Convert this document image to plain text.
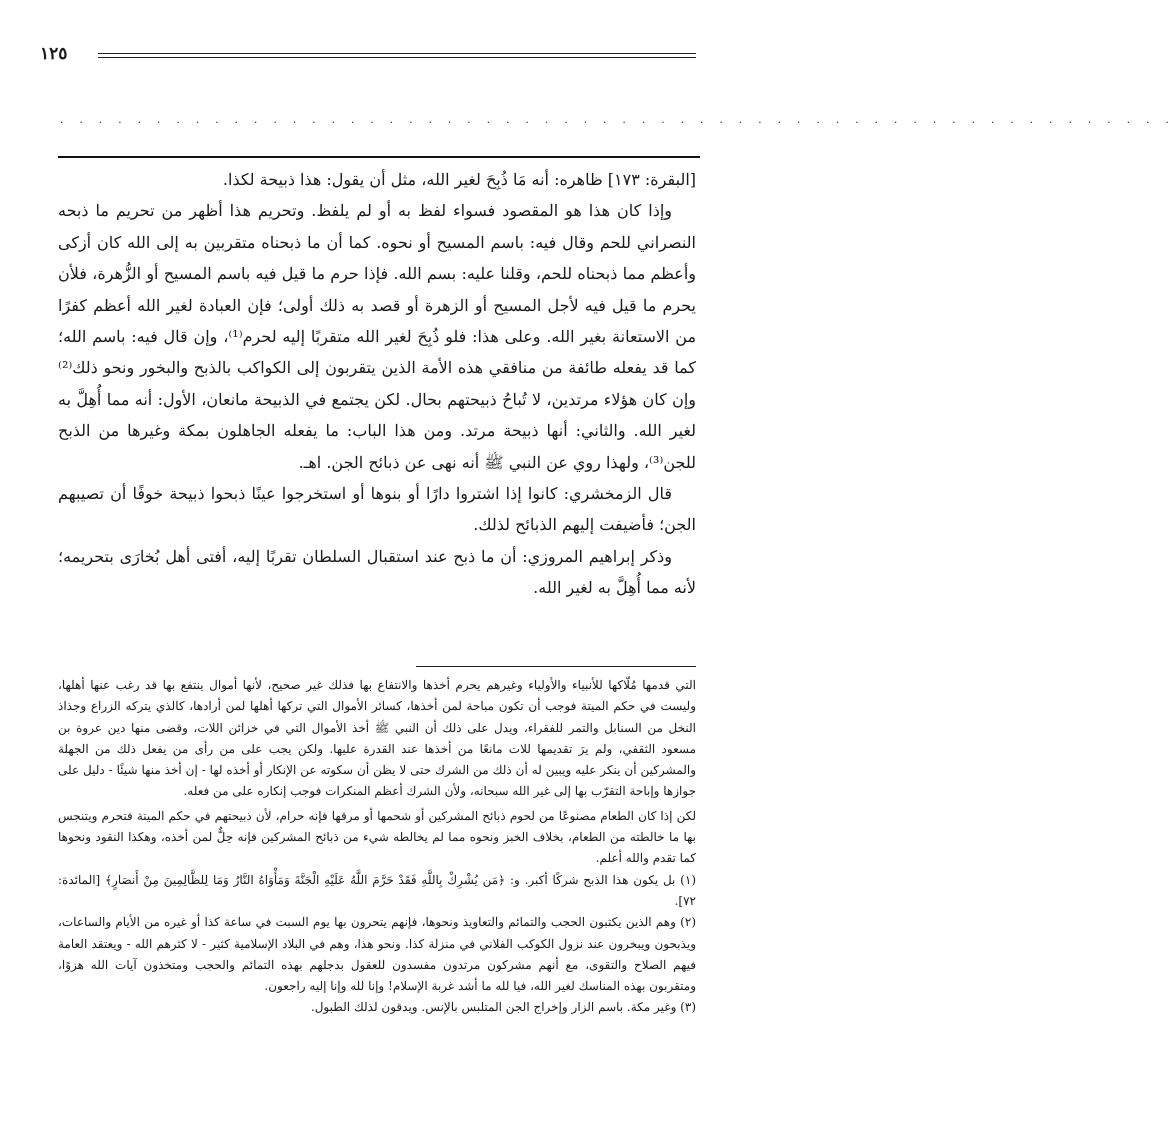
١٢٥
. . . . . . . . . . . . . . . . . . . . . . . . . . . . . . . . . . . . . . . . . . . . . . . . . . . . . . . . . .

[البقرة: ١٧٣] ظاهره: أنه مَا ذُبِحَ لغير الله، مثل أن يقول: هذا ذبيحة لكذا.

وإذا كان هذا هو المقصود فسواء لفظ به أو لم يلفظ. وتحريم هذا أظهر من تحريم ما ذبحه النصراني للحم وقال فيه: باسم المسيح أو نحوه. كما أن ما ذبحناه متقربين به إلى الله كان أزكى وأعظم مما ذبحناه للحم، وقلنا عليه: بسم الله. فإذا حرم ما قيل فيه باسم المسيح أو الزُّهرة، فلأن يحرم ما قيل فيه لأجل المسيح أو الزهرة أو قصد به ذلك أولى؛ فإن العبادة لغير الله أعظم كفرًا من الاستعانة بغير الله. وعلى هذا: فلو ذُبِحَ لغير الله متقربًا إليه لحرم⁽¹⁾، وإن قال فيه: باسم الله؛ كما قد يفعله طائفة من منافقي هذه الأمة الذين يتقربون إلى الكواكب بالذبح والبخور ونحو ذلك⁽²⁾ وإن كان هؤلاء مرتدين، لا تُباحُ ذبيحتهم بحال. لكن يجتمع في الذبيحة مانعان، الأول: أنه مما أُهِلَّ به لغير الله. والثاني: أنها ذبيحة مرتد. ومن هذا الباب: ما يفعله الجاهلون بمكة وغيرها من الذبح للجن⁽³⁾، ولهذا روي عن النبي ﷺ أنه نهى عن ذبائح الجن. اهـ.

قال الزمخشري: كانوا إذا اشتروا دارًا أو بنوها أو استخرجوا عينًا ذبحوا ذبيحة خوفًا أن تصيبهم الجن؛ فأضيفت إليهم الذبائح لذلك.

وذكر إبراهيم المروزي: أن ما ذبح عند استقبال السلطان تقربًا إليه، أفتى أهل بُخارَى بتحريمه؛ لأنه مما أُهِلَّ به لغير الله.

التي قدمها مُلّاكها للأنبياء والأولياء وغيرهم يحرم أخذها والانتفاع بها فذلك غير صحيح، لأنها أموال ينتفع بها قد رغب عنها أهلها، وليست في حكم الميتة فوجب أن تكون مباحة لمن أخذها، كسائر الأموال التي تركها أهلها لمن أرادها، كالذي يتركه الزراع وجذاذ النخل من السنابل والتمر للفقراء، ويدل على ذلك أن النبي ﷺ أخذ الأموال التي في خزائن اللات، وقضى منها دين عروة بن مسعود الثقفي، ولم يرَ تقديمها للات مانعًا من أخذها عند القدرة عليها. ولكن يجب على من رأى من يفعل ذلك من الجهلة والمشركين أن ينكر عليه ويبين له أن ذلك من الشرك حتى لا يظن أن سكوته عن الإنكار أو أخذه لها - إن أخذ منها شيئًا - دليل على جوازها وإباحة التقرّب بها إلى غير الله سبحانه، ولأن الشرك أعظم المنكرات فوجب إنكاره على من فعله.

لكن إذا كان الطعام مصنوعًا من لحوم ذبائح المشركين أو شحمها أو مرقها فإنه حرام، لأن ذبيحتهم في حكم الميتة فتحرم ويتنجس بها ما خالطته من الطعام، بخلاف الخبز ونحوه مما لم يخالطه شيء من ذبائح المشركين فإنه حِلٌّ لمن أخذه، وهكذا النقود ونحوها كما تقدم والله أعلم.

(١) بل يكون هذا الذبح شركًا أكبر. و: ﴿مَن يُشْرِكْ بِاللَّهِ فَقَدْ حَرَّمَ اللَّهُ عَلَيْهِ الْجَنَّةَ وَمَأْوَاهُ النَّارُ وَمَا لِلظَّالِمِينَ مِنْ أَنصَارٍ﴾ [المائدة: ٧٢].
(٢) وهم الذين يكتبون الحجب والتمائم والتعاويذ ونحوها، فإنهم يتحرون بها يوم السبت في ساعة كذا أو غيره من الأيام والساعات، ويذبحون ويبخرون عند نزول الكوكب الفلاني في منزلة كذا. ونحو هذا، وهم في البلاد الإسلامية كثير - لا كثرهم الله - ويعتقد العامة فيهم الصلاح والتقوى، مع أنهم مشركون مرتدون مفسدون للعقول بدجلهم بهذه التمائم والحجب ومتخذون آيات الله هزوًا، ومتقربون بهذه المناسك لغير الله، فيا لله ما أشد غربة الإسلام! وإنا لله وإنا إليه راجعون.
(٣) وغير مكة. باسم الزار وإخراج الجن المتلبس بالإنس. ويدقون لذلك الطبول.
